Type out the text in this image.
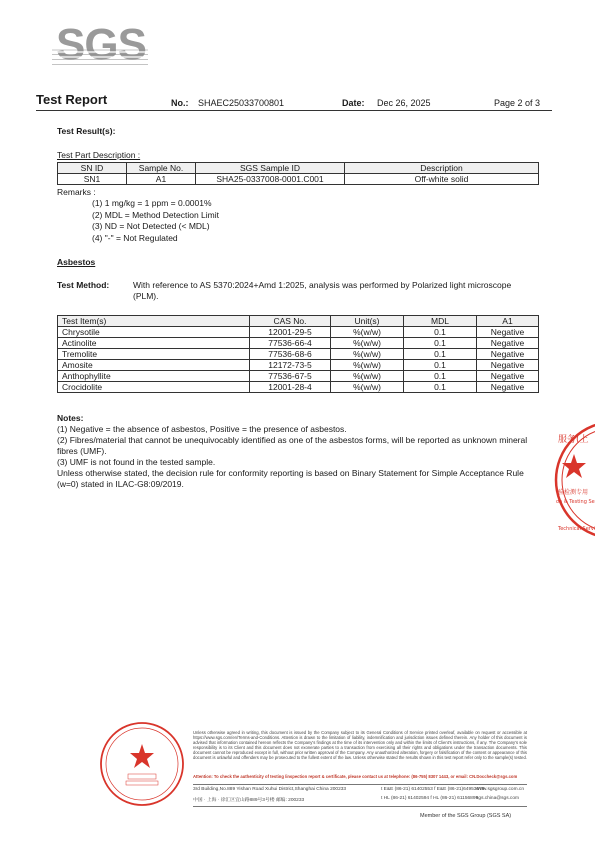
SGS
Test Report	No.: SHAEC25033700801	Date: Dec 26, 2025	Page 2 of 3
Test Result(s):
Test Part Description :
SN ID	Sample No.	SGS Sample ID	Description
SN1	A1	SHA25-0337008-0001.C001	Off-white solid
Remarks :
(1) 1 mg/kg = 1 ppm = 0.0001%
(2) MDL = Method Detection Limit
(3) ND = Not Detected (< MDL)
(4) "-" = Not Regulated
Asbestos
Test Method:	With reference to AS 5370:2024+Amd 1:2025, analysis was performed by Polarized light microscope (PLM).
Test Item(s)	CAS No.	Unit(s)	MDL	A1
Chrysotile	12001-29-5	%(w/w)	0.1	Negative
Actinolite	77536-66-4	%(w/w)	0.1	Negative
Tremolite	77536-68-6	%(w/w)	0.1	Negative
Amosite	12172-73-5	%(w/w)	0.1	Negative
Anthophyllite	77536-67-5	%(w/w)	0.1	Negative
Crocidolite	12001-28-4	%(w/w)	0.1	Negative

Notes:

(1) Negative = the absence of asbestos, Positive = the presence of asbestos.

(2) Fibres/material that cannot be unequivocably identified as one of the asbestos forms, will be reported as unknown mineral fibres (UMF).

(3) UMF is not found in the tested sample.

Unless otherwise stated, the decision rule for conformity reporting is based on Binary Statement for Simple Acceptance Rule (w=0) stated in ILAC-G8:09/2019.

服务(上
验检测专用
on & Testing Se
Technical Servi
Unless otherwise agreed in writing, this document is issued by the Company subject to its General Conditions of Service printed overleaf, available on request or accessible at https://www.sgs.com/en/Terms-and-Conditions. Attention is drawn to the limitation of liability, indemnification and jurisdiction issues defined therein. Any holder of this document is advised that information contained hereon reflects the Company's findings at the time of its intervention only and within the limits of Client's instructions, if any. The Company's sole responsibility is to its Client and this document does not exonerate parties to a transaction from exercising all their rights and obligations under the transaction documents. This document cannot be reproduced except in full, without prior written approval of the Company. Any unauthorized alteration, forgery or falsification of the content or appearance of this document is unlawful and offenders may be prosecuted to the fullest extent of the law. Unless otherwise stated the results shown in this test report refer only to the sample(s) tested.
Attention: To check the authenticity of testing /inspection report & certificate, please contact us at telephone: (86-755) 8307 1443, or email: CN.Doccheck@sgs.com
3rd Building,No.889 Yishan Road Xuhui District,Shanghai China 200233	t E&E (86-21) 61402553 f E&E (86-21)64953679
www.sgsgroup.com.cn
中国 · 上海 · 徐汇区宜山路889号3号楼 邮编: 200233	t HL (86-21) 61402594 f HL (86-21) 61156899
sgs.china@sgs.com
Member of the SGS Group (SGS SA)
